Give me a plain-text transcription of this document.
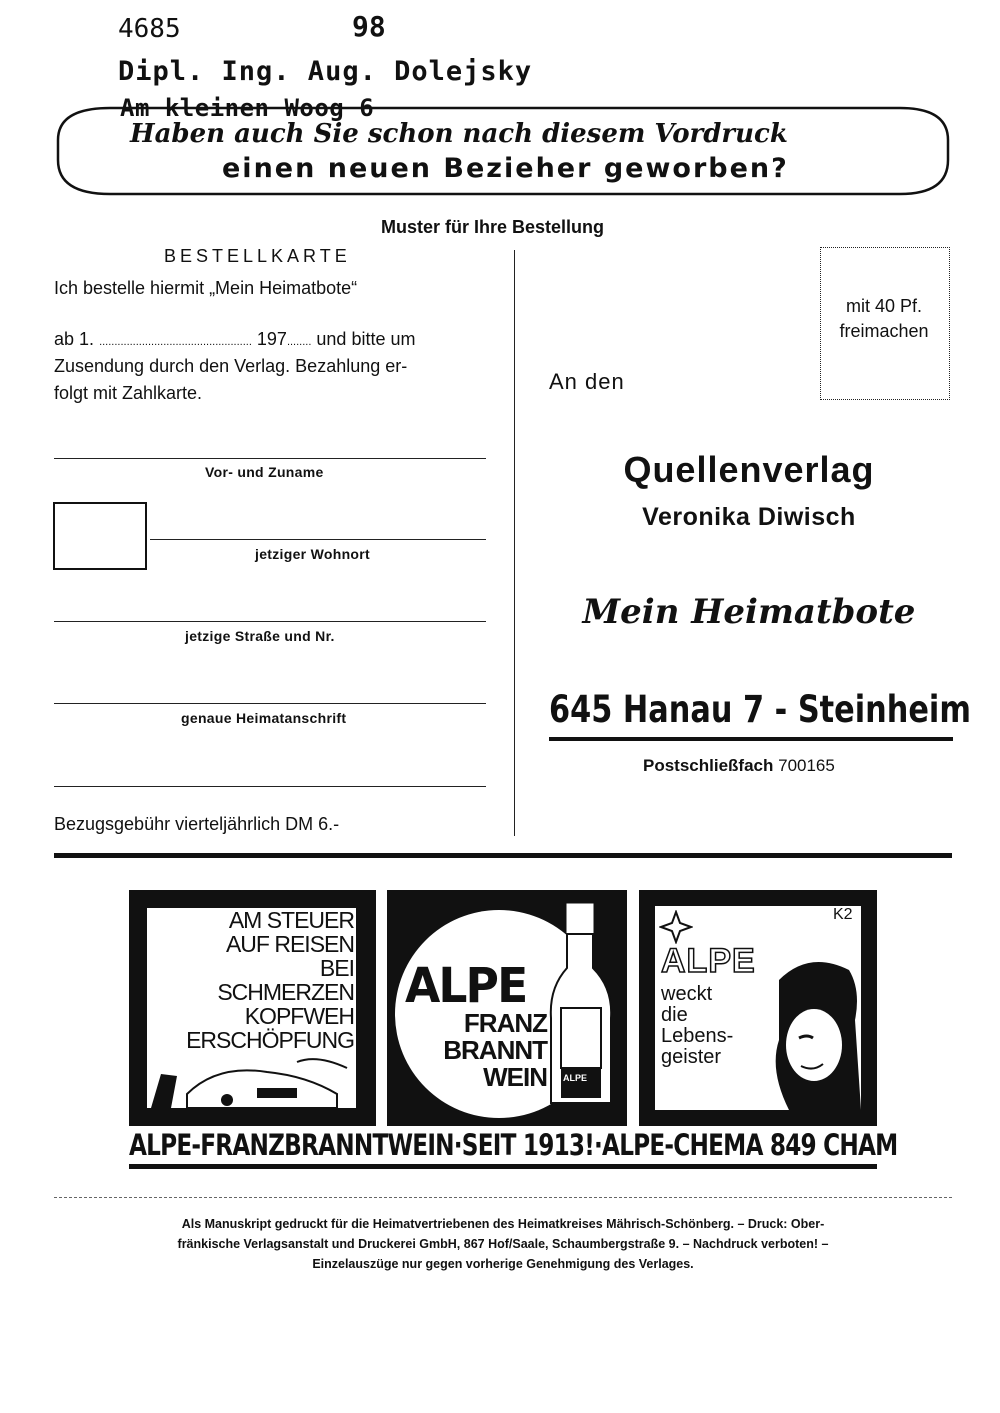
4685	98
Dipl. Ing. Aug. Dolejsky
Am kleinen Woog 6
Haben auch Sie schon nach diesem Vordruck
einen neuen Bezieher geworben?
Muster für Ihre Bestellung
BESTELLKARTE
Ich bestelle hiermit „Mein Heimatbote“
ab 1. .................................................. 197........ und bitte um
Zusendung durch den Verlag. Bezahlung er-
folgt mit Zahlkarte.
Vor- und Zuname
jetziger Wohnort
jetzige Straße und Nr.
genaue Heimatanschrift
Bezugsgebühr vierteljährlich DM 6.-
mit 40 Pf.
freimachen
An den
Quellenverlag
Veronika Diwisch
Mein Heimatbote
645 Hanau 7 - Steinheim
Postschließfach 700165
AM STEUER
AUF REISEN
BEI
SCHMERZEN
KOPFWEH
ERSCHÖPFUNG
ALPE
FRANZ
BRANNT
WEIN ALPE
K2
ALPE
weckt
die
Lebens-
geister
ALPE-FRANZBRANNTWEIN·SEIT 1913!·ALPE-CHEMA 849 CHAM
Als Manuskript gedruckt für die Heimatvertriebenen des Heimatkreises Mährisch-Schönberg. – Druck: Ober-
fränkische Verlagsanstalt und Druckerei GmbH, 867 Hof/Saale, Schaumbergstraße 9. – Nachdruck verboten! –
Einzelauszüge nur gegen vorherige Genehmigung des Verlages.
